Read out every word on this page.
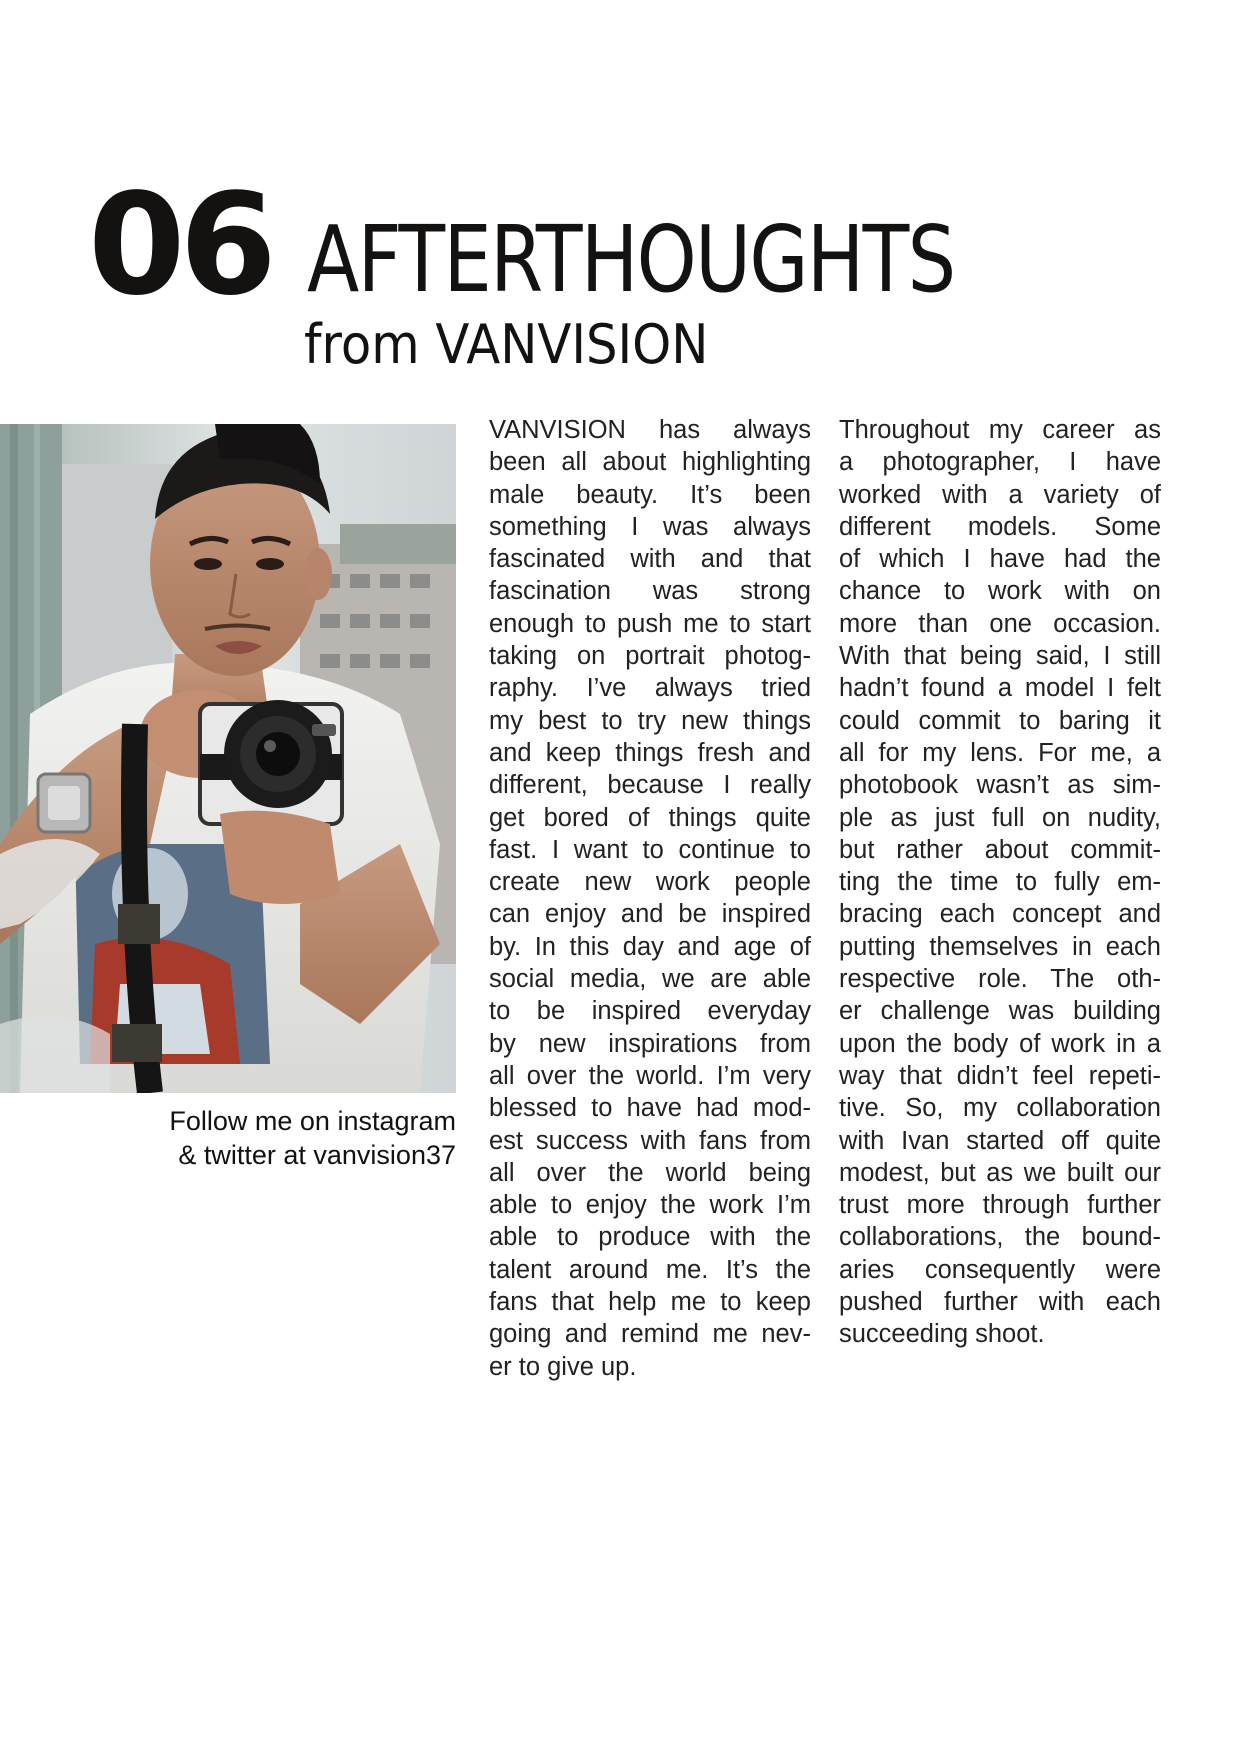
06 AFTERTHOUGHTS
from VANVISION
Follow me on instagram
& twitter at vanvision37
VANVISION has always
been all about highlighting
male beauty. It’s been
something I was always
fascinated with and that
fascination was strong
enough to push me to start
taking on portrait photog-
raphy. I’ve always tried
my best to try new things
and keep things fresh and
different, because I really
get bored of things quite
fast. I want to continue to
create new work people
can enjoy and be inspired
by. In this day and age of
social media, we are able
to be inspired everyday
by new inspirations from
all over the world. I’m very
blessed to have had mod-
est success with fans from
all over the world being
able to enjoy the work I’m
able to produce with the
talent around me. It’s the
fans that help me to keep
going and remind me nev-
er to give up.
Throughout my career as
a photographer, I have
worked with a variety of
different models. Some
of which I have had the
chance to work with on
more than one occasion.
With that being said, I still
hadn’t found a model I felt
could commit to baring it
all for my lens. For me, a
photobook wasn’t as sim-
ple as just full on nudity,
but rather about commit-
ting the time to fully em-
bracing each concept and
putting themselves in each
respective role. The oth-
er challenge was building
upon the body of work in a
way that didn’t feel repeti-
tive. So, my collaboration
with Ivan started off quite
modest, but as we built our
trust more through further
collaborations, the bound-
aries consequently were
pushed further with each
succeeding shoot.
